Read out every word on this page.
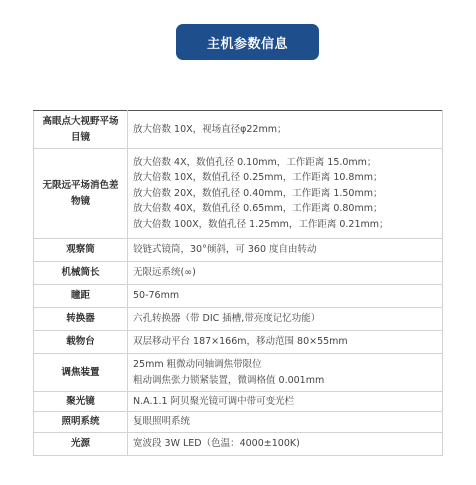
主机参数信息
高眼点大视野平场目镜	放大倍数 10X，视场直径φ22mm；

无限远平场消色差物镜	放大倍数 4X，数值孔径 0.10mm，工作距离 15.0mm；
放大倍数 10X，数值孔径 0.25mm，工作距离 10.8mm；
放大倍数 20X，数值孔径 0.40mm，工作距离 1.50mm；
放大倍数 40X，数值孔径 0.65mm，工作距离 0.80mm；
放大倍数 100X，数值孔径 1.25mm，工作距离 0.21mm；

观察筒	铰链式镜筒，30°倾斜，可 360 度自由转动

机械筒长	无限远系统(∞)

瞳距	50-76mm

转换器	六孔转换器（带 DIC 插槽,带亮度记忆功能）

载物台	双层移动平台 187×166m，移动范围 80×55mm

调焦装置	25mm 粗微动同轴调焦带限位
粗动调焦张力锁紧装置，微调格值 0.001mm

聚光镜	N.A.1.1 阿贝聚光镜可调中带可变光栏

照明系统	复眼照明系统

光源	宽波段 3W LED（色温：4000±100K)
